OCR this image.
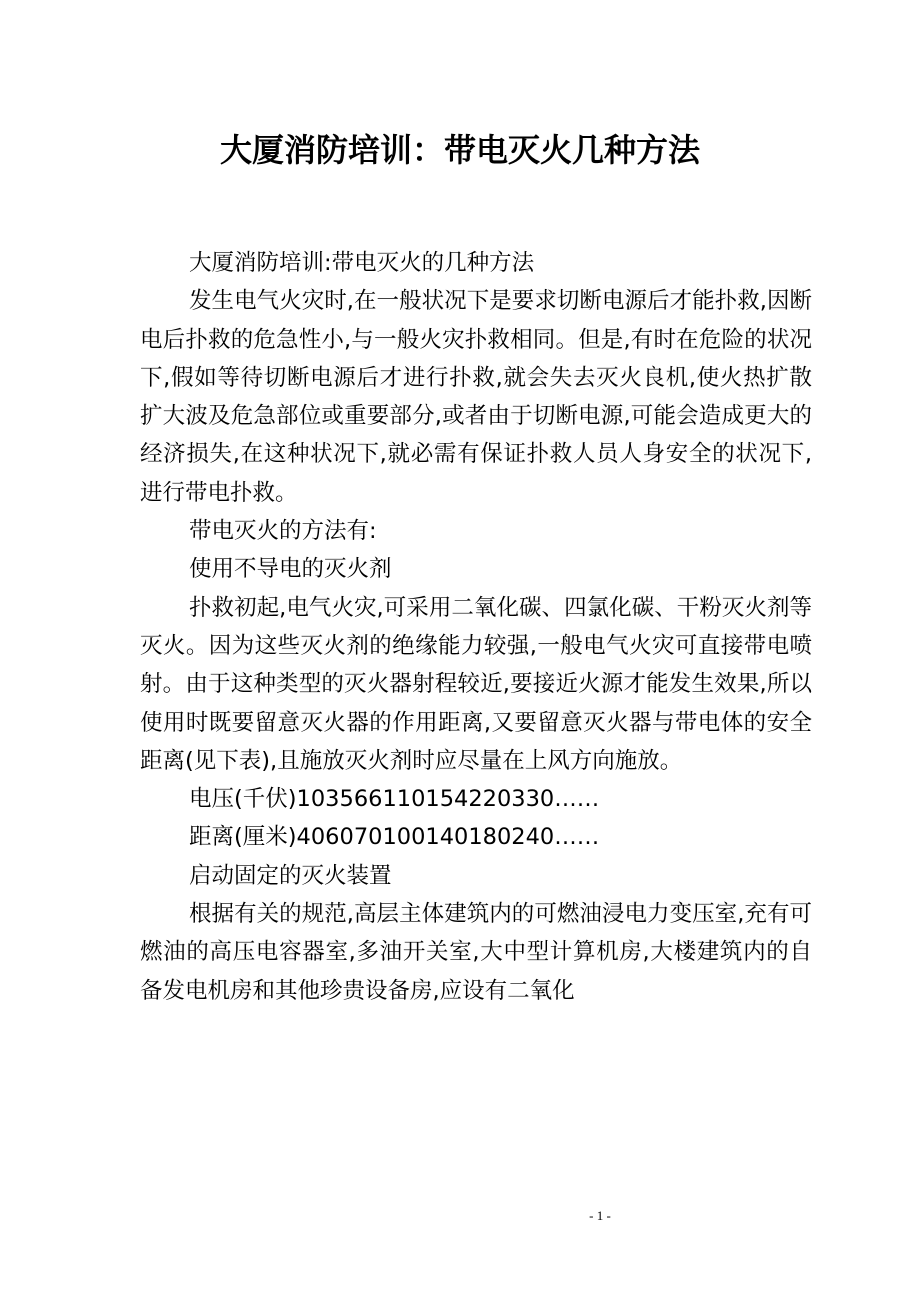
大厦消防培训：带电灭火几种方法

大厦消防培训:带电灭火的几种方法

发生电气火灾时,在一般状况下是要求切断电源后才能扑救,因断电后扑救的危急性小,与一般火灾扑救相同。但是,有时在危险的状况下,假如等待切断电源后才进行扑救,就会失去灭火良机,使火热扩散扩大波及危急部位或重要部分,或者由于切断电源,可能会造成更大的经济损失,在这种状况下,就必需有保证扑救人员人身安全的状况下,进行带电扑救。

带电灭火的方法有:

使用不导电的灭火剂

扑救初起,电气火灾,可采用二氧化碳、四氯化碳、干粉灭火剂等灭火。因为这些灭火剂的绝缘能力较强,一般电气火灾可直接带电喷射。由于这种类型的灭火器射程较近,要接近火源才能发生效果,所以使用时既要留意灭火器的作用距离,又要留意灭火器与带电体的安全距离(见下表),且施放灭火剂时应尽量在上风方向施放。

电压(千伏)103566110154220330……

距离(厘米)406070100140180240……

启动固定的灭火装置

根据有关的规范,高层主体建筑内的可燃油浸电力变压室,充有可燃油的高压电容器室,多油开关室,大中型计算机房,大楼建筑内的自备发电机房和其他珍贵设备房,应设有二氧化

- 1 -
